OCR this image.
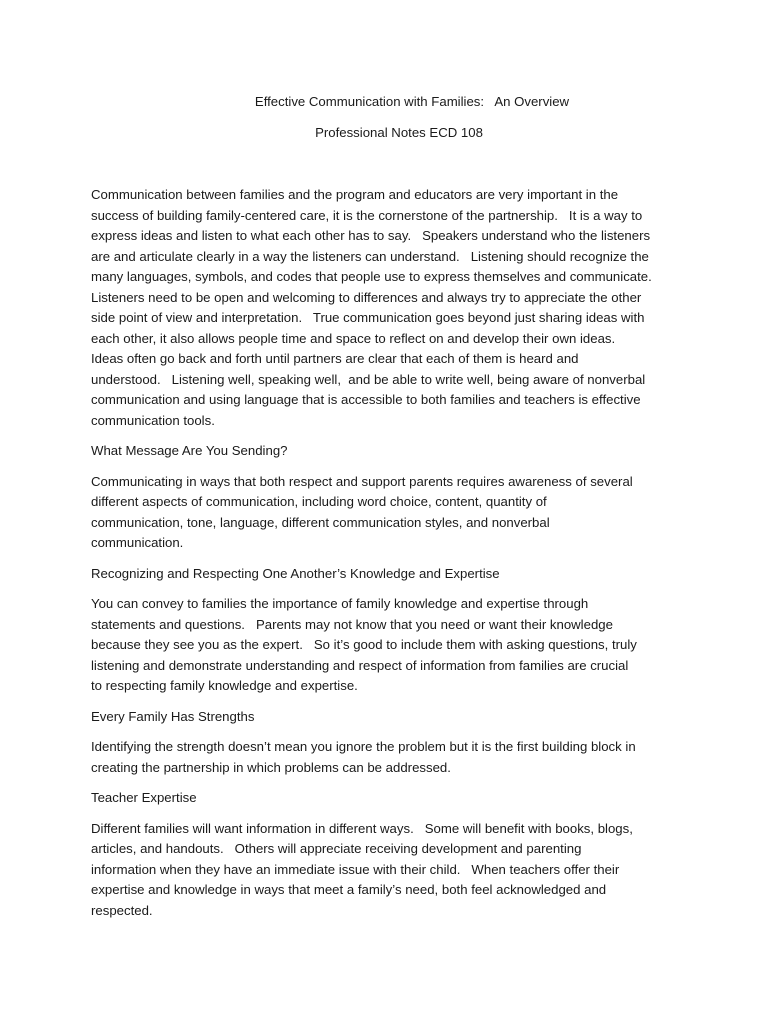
Effective Communication with Families:   An Overview
Professional Notes ECD 108
Communication between families and the program and educators are very important in the
success of building family-centered care, it is the cornerstone of the partnership.   It is a way to
express ideas and listen to what each other has to say.   Speakers understand who the listeners
are and articulate clearly in a way the listeners can understand.   Listening should recognize the
many languages, symbols, and codes that people use to express themselves and communicate.
Listeners need to be open and welcoming to differences and always try to appreciate the other
side point of view and interpretation.   True communication goes beyond just sharing ideas with
each other, it also allows people time and space to reflect on and develop their own ideas.
Ideas often go back and forth until partners are clear that each of them is heard and
understood.   Listening well, speaking well,  and be able to write well, being aware of nonverbal
communication and using language that is accessible to both families and teachers is effective
communication tools.
What Message Are You Sending?
Communicating in ways that both respect and support parents requires awareness of several
different aspects of communication, including word choice, content, quantity of
communication, tone, language, different communication styles, and nonverbal
communication.
Recognizing and Respecting One Another’s Knowledge and Expertise
You can convey to families the importance of family knowledge and expertise through
statements and questions.   Parents may not know that you need or want their knowledge
because they see you as the expert.   So it’s good to include them with asking questions, truly
listening and demonstrate understanding and respect of information from families are crucial
to respecting family knowledge and expertise.
Every Family Has Strengths
Identifying the strength doesn’t mean you ignore the problem but it is the first building block in
creating the partnership in which problems can be addressed.
Teacher Expertise
Different families will want information in different ways.   Some will benefit with books, blogs,
articles, and handouts.   Others will appreciate receiving development and parenting
information when they have an immediate issue with their child.   When teachers offer their
expertise and knowledge in ways that meet a family’s need, both feel acknowledged and
respected.
